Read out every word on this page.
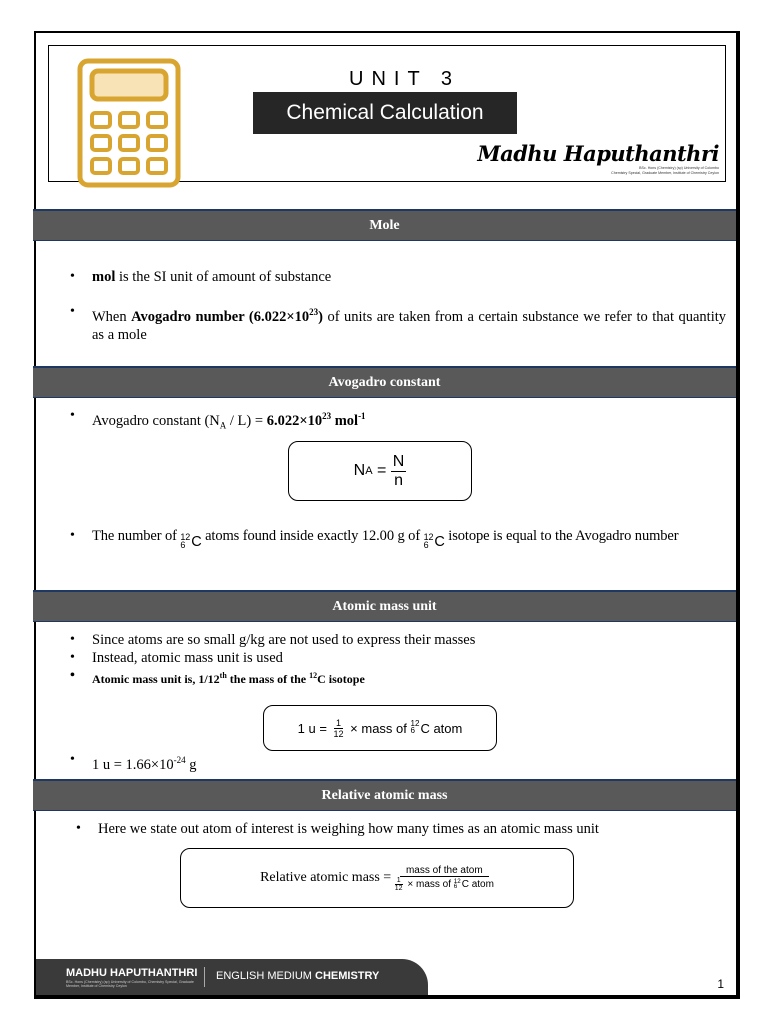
UNIT 3
Chemical Calculation
Madhu Haputhanthri
BSc. Hons (Chemistry) (sp) University of Colombo
Chemistry Special, Graduate Member, Institute of Chemistry Ceylon
Mole
• mol is the SI unit of amount of substance
• When Avogadro number $(6.022\times 10^{23})$ of units are taken from a certain substance we refer to that quantity as a mole
Avogadro constant
• Avogadro constant $(N_A / L) = 6.022\times 10^{23}$ mol$^{-1}$
N $A = \frac{N}{n}$
• The number of 12
6 C atoms found inside exactly 12.00 g of 12
6 C isotope is equal to the Avogadro number
Atomic mass unit
• Since atoms are so small g/kg are not used to express their masses
• Instead, atomic mass unit is used
• Atomic mass unit is, 1/12th the mass of the $^{12}$C isotope
1 $u = \frac{1}{12}$ × mass of 12
6 C atom
• 1 $u = 1.66\times 10^{-24}$ g
Relative atomic mass
• Here we state out atom of interest is weighing how many times as an atomic mass unit
Relative atomic mass = mass of the atom
$\frac{1}{12}$ × mass of 12
6 C atom
MADHU HAPUTHANTHRI
BSc. Hons (Chemistry) (sp) University of Colombo, Chemistry Special, Graduate Member, Institute of Chemistry Ceylon
ENGLISH MEDIUM CHEMISTRY
1
